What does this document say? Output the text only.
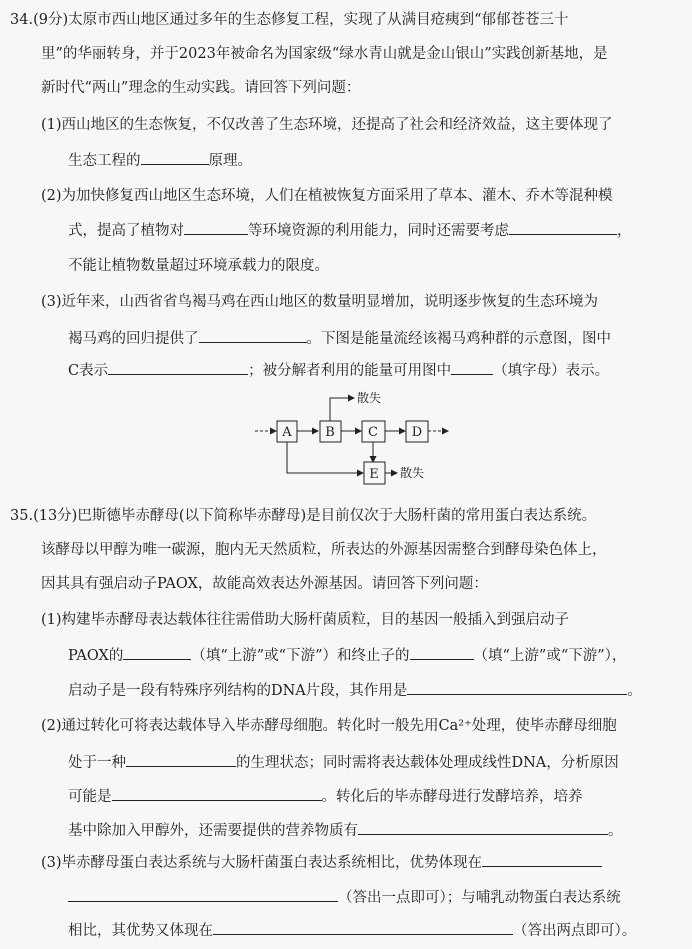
34.(9分)太原市西山地区通过多年的生态修复工程，实现了从满目疮痍到“郁郁苍苍三十
里”的华丽转身，并于2023年被命名为国家级“绿水青山就是金山银山”实践创新基地，是
新时代“两山”理念的生动实践。请回答下列问题：
(1)西山地区的生态恢复，不仅改善了生态环境，还提高了社会和经济效益，这主要体现了
生态工程的	原理。
(2)为加快修复西山地区生态环境，人们在植被恢复方面采用了草本、灌木、乔木等混种模
式，提高了植物对	等环境资源的利用能力，同时还需要考虑	，
不能让植物数量超过环境承载力的限度。
(3)近年来，山西省省鸟褐马鸡在西山地区的数量明显增加，说明逐步恢复的生态环境为
褐马鸡的回归提供了	。下图是能量流经该褐马鸡种群的示意图，图中
C表示	；被分解者利用的能量可用图中	（填字母）表示。
A	B	C	D
E
散失
散失
35.(13分)巴斯德毕赤酵母(以下简称毕赤酵母)是目前仅次于大肠杆菌的常用蛋白表达系统。
该酵母以甲醇为唯一碳源，胞内无天然质粒，所表达的外源基因需整合到酵母染色体上，
因其具有强启动子PAOX，故能高效表达外源基因。请回答下列问题：
(1)构建毕赤酵母表达载体往往需借助大肠杆菌质粒，目的基因一般插入到强启动子
PAOX的	（填“上游”或“下游”）和终止子的	（填“上游”或“下游”），
启动子是一段有特殊序列结构的DNA片段，其作用是	。
(2)通过转化可将表达载体导入毕赤酵母细胞。转化时一般先用Ca²⁺处理，使毕赤酵母细胞
处于一种	的生理状态；同时需将表达载体处理成线性DNA，分析原因
可能是	。转化后的毕赤酵母进行发酵培养，培养
基中除加入甲醇外，还需要提供的营养物质有	。
(3)毕赤酵母蛋白表达系统与大肠杆菌蛋白表达系统相比，优势体现在
（答出一点即可）；与哺乳动物蛋白表达系统
相比，其优势又体现在	（答出两点即可）。
